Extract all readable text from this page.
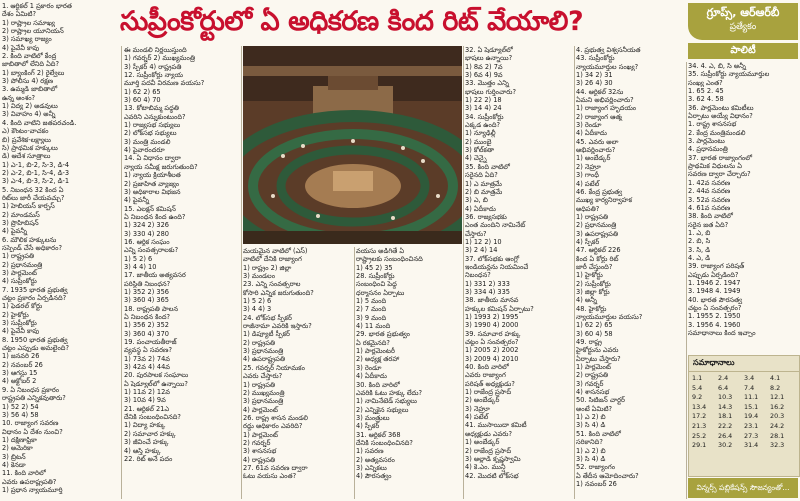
సుప్రీంకోర్టులో ఏ అధికరణ కింద రిట్ వేయాలి?	గ్రూప్స్, ఆర్ఆర్‌బీ
ప్రత్యేకం
పాలిటీ

1. ఆర్టికల్ 1 ప్రకారం భారత

దేశం ఏమిటి?

1) రాష్ట్రాల సమాఖ్య

2) రాష్ట్రాల యూనియన్

3) సమాఖ్య రాజ్యం

4) పైవేవీ కావు

2. కింది వాటిలో కేంద్ర

జాబితాలో లేనిది ఏది?

1) బ్యాంకింగ్ 2) రైల్వేలు

3) పోలీసు 4) రక్షణ

3. ఉమ్మడి జాబితాలో

ఉన్న అంశం?

1) విద్య 2) అడవులు

3) వివాహం 4) అన్నీ

4. కింది వాటిని జతపరచండి.

ఎ) కౌంటం-వాచకం

బి) ప్రవేశిక-లక్ష్యాలు

సి) ప్రాథమిక హక్కులు

డి) ఆదేశ సూత్రాలు

1) ఎ-1, బి-2, సి-3, డి-4

2) ఎ-2, బి-1, సి-4, డి-3

3) ఎ-4, బి-3, సి-2, డి-1

5. నిబంధన 32 కింద ఏ

రిట్‌లు జారీ చేయవచ్చు?

1) హెబియస్ కార్పస్

2) మాండమస్

3) ప్రొహిబిషన్

4) పైవన్నీ

6. మౌలిక హక్కులను

సస్పెండ్ చేసే అధికారం?

1) రాష్ట్రపతి

2) ప్రధానమంత్రి

3) పార్లమెంట్

4) సుప్రీంకోర్టు

7. 1935 భారత ప్రభుత్వ

చట్టం ప్రకారం ఏర్పడినది?

1) ఫెడరల్ కోర్టు

2) హైకోర్టు

3) సుప్రీంకోర్టు

4) పైవేవీ కావు

8. 1950 భారత ప్రభుత్వ

చట్టం ఎప్పుడు అమలైంది?

1) జనవరి 26

2) నవంబర్ 26

3) ఆగస్టు 15

4) అక్టోబర్ 2

9. ఏ నిబంధన ప్రకారం

రాష్ట్రపతి ఎన్నికవుతారు?

1) 52 2) 54

3) 56 4) 58

10. రాజ్యాంగ సవరణ

విధానం ఏ దేశం నుంచి?

1) దక్షిణాఫ్రికా

2) అమెరికా

3) బ్రిటన్

4) కెనడా

11. కింది వారిలో

ఎవరు ఉపరాష్ట్రపతి?

1) ప్రధాన న్యాయమూర్తి

ఈ మండలి నిర్ణయిస్తుంది

1) గవర్నర్ 2) ముఖ్యమంత్రి

3) స్పీకర్ 4) రాష్ట్రపతి

12. సుప్రీంకోర్టు న్యాయ

మూర్తి పదవీ విరమణ వయసు?

1) 62 2) 65

3) 60 4) 70

13. కోటాబిమ్మ పద్ధతి

ఎవరిని ఎన్నుకుంటుంది?

1) రాజ్యసభ సభ్యులు

2) లోక్‌సభ సభ్యులు

3) మంత్రి మండలి

4) పైవారందరూ

14. ఏ విధానం ద్వారా

న్యాయ సమీక్ష జరుగుతుంది?

1) న్యాయ క్రియాశీలత

2) ప్రజాహిత వ్యాజ్యం

3) అధికారాల విభజన

4) పైవన్నీ

15. ఎలక్షన్ కమిషన్

ఏ నిబంధన కింద ఉంది?

1) 324 2) 326

3) 330 4) 280

16. ఆర్థిక సంఘం

ఎన్ని సంవత్సరాలకు?

1) 5 2) 6

3) 4 4) 10

17. జాతీయ అత్యవసర

పరిస్థితి నిబంధన?

1) 352 2) 356

3) 360 4) 365

18. రాష్ట్రపతి పాలన

ఏ నిబంధన కింద?

1) 356 2) 352

3) 360 4) 370

19. పంచాయతీరాజ్

వ్యవస్థ ఏ సవరణ?

1) 73వ 2) 74వ

3) 42వ 4) 44వ

20. పురపాలక సంఘాలు

ఏ షెడ్యూల్‌లో ఉన్నాయి?

1) 11వ 2) 12వ

3) 10వ 4) 9వ

21. ఆర్టికల్ 21ఎ

దేనికి సంబంధించినది?

1) విద్యా హక్కు

2) సమాచార హక్కు

3) జీవించే హక్కు

4) ఆస్తి హక్కు

22. రిట్ అనే పదం

మయమైన వాటిలో (ఎస్‌)

వాటిలో దేనికి రాజ్యాంగ

1) రాష్ట్రం 2) జిల్లా

3) మండలం

23. ఎన్ని సంవత్సరాల

కోసారి ఎన్నిక జరుగుతుంది?

1) 5 2) 6

3) 4 4) 3

24. లోక్‌సభ స్పీకర్

రాజీనామా ఎవరికి ఇస్తారు?

1) డిప్యూటీ స్పీకర్

2) రాష్ట్రపతి

3) ప్రధానమంత్రి

4) ఉపరాష్ట్రపతి

25. గవర్నర్ నియామకం

ఎవరు చేస్తారు?

1) రాష్ట్రపతి

2) ముఖ్యమంత్రి

3) ప్రధానమంత్రి

4) పార్లమెంట్

26. రాష్ట్ర శాసన మండలి

రద్దు అధికారం ఎవరిది?

1) పార్లమెంట్

2) గవర్నర్

3) శాసనసభ

4) రాష్ట్రపతి

27. 61వ సవరణ ద్వారా

ఓటు వయసు ఎంత?

వయసు అడిగితే ఏ

రాష్ట్రాలకు సంబంధించినది

1) 45 2) 35

28. సుప్రీంకోర్టు

సంబంధించి పెద్ద

ధర్మాసనం ఏర్పాటు

1) 5 మంది

2) 7 మంది

3) 9 మంది

4) 11 మంది

29. భారత ప్రభుత్వం

ఏ రకమైనది?

1) పార్లమెంటరీ

2) అధ్యక్ష తరహా

3) రెండూ

4) ఏదీకాదు

30. కింది వారిలో

ఎవరికి ఓటు హక్కు లేదు?

1) నామినేటెడ్ సభ్యులు

2) ఎన్నికైన సభ్యులు

3) మంత్రులు

4) స్పీకర్

31. ఆర్టికల్ 368

దేనికి సంబంధించినది?

1) సవరణ

2) అత్యవసరం

3) ఎన్నికలు

4) పౌరసత్వం

32. ఏ షెడ్యూల్‌లో

భాషలు ఉన్నాయి?

1) 8వ 2) 7వ

3) 6వ 4) 9వ

33. మొత్తం ఎన్ని

భాషలు గుర్తించారు?

1) 22 2) 18

3) 14 4) 24

34. సుప్రీంకోర్టు

ఎక్కడ ఉంది?

1) న్యూఢిల్లీ

2) ముంబై

3) కోల్‌కతా

4) చెన్నై

35. కింది వాటిలో

సరైనది ఏది?

1) ఎ మాత్రమే

2) బి మాత్రమే

3) ఎ, బి

4) ఏదీకాదు

36. రాజ్యసభకు

ఎంత మందిని నామినేట్

చేస్తారు?

1) 12 2) 10

3) 2 4) 14

37. లోక్‌సభకు ఆంగ్లో

ఇండియన్లను నియమించే

నిబంధన?

1) 331 2) 333

3) 334 4) 335

38. జాతీయ మానవ

హక్కుల కమిషన్ ఏర్పాటు?

1) 1993 2) 1995

3) 1990 4) 2000

39. సమాచార హక్కు

చట్టం ఏ సంవత్సరం?

1) 2005 2) 2002

3) 2009 4) 2010

40. కింది వారిలో

ఎవరు రాజ్యాంగ

పరిషత్ అధ్యక్షుడు?

1) రాజేంద్ర ప్రసాద్

2) అంబేడ్కర్

3) నెహ్రూ

4) పటేల్

41. ముసాయిదా కమిటీ

అధ్యక్షుడు ఎవరు?

1) అంబేడ్కర్

2) రాజేంద్ర ప్రసాద్

3) అల్లాడి కృష్ణస్వామి

4) కె.ఎం. మున్షీ

42. మొదటి లోక్‌సభ

4. ప్రభుత్వ విశ్వసనీయత

43. సుప్రీంకోర్టు

న్యాయమూర్తుల సంఖ్య?

1) 34 2) 31

3) 26 4) 30

44. ఆర్టికల్ 32ను

ఏమని అభివర్ణించారు?

1) రాజ్యాంగ హృదయం

2) రాజ్యాంగ ఆత్మ

3) రెండూ

4) ఏదీకాదు

45. ఎవరు అలా

అభివర్ణించారు?

1) అంబేడ్కర్

2) నెహ్రూ

3) గాంధీ

4) పటేల్

46. కేంద్ర ప్రభుత్వ

ముఖ్య కార్యనిర్వాహక

అధిపతి?

1) రాష్ట్రపతి

2) ప్రధానమంత్రి

3) ఉపరాష్ట్రపతి

4) స్పీకర్

47. ఆర్టికల్ 226

కింద ఏ కోర్టు రిట్

జారీ చేస్తుంది?

1) హైకోర్టు

2) సుప్రీంకోర్టు

3) జిల్లా కోర్టు

4) అన్నీ

48. హైకోర్టు

న్యాయమూర్తుల వయసు?

1) 62 2) 65

3) 60 4) 58

49. రాష్ట్ర

హైకోర్టును ఎవరు

ఏర్పాటు చేస్తారు?

1) పార్లమెంట్

2) రాష్ట్రపతి

3) గవర్నర్

4) శాసనసభ

50. సిటిజన్ చార్టర్

అంటే ఏమిటి?

1) ఎ 2) బి

3) సి 4) డి

51. కింది వాటిలో

సరికానిది?

1) ఎ 2) బి

3) సి 4) డి

52. రాజ్యాంగం

ఏ తేదీన ఆమోదించారు?

1) నవంబర్ 26

34. 4. ఎ, బి, సి అన్నీ

35. సుప్రీంకోర్టు న్యాయమూర్తుల

సంఖ్య ఎంత?

1. 65 2. 45

3. 62 4. 58

36. పార్లమెంటు కమిటీలు

ఏర్పాటు అయ్యే విధానం?

1. రాష్ట్ర శాసనసభ

2. కేంద్ర మంత్రిమండలి

3. పార్లమెంటు

4. ప్రధానమంత్రి

37. భారత రాజ్యాంగంలో

ప్రాథమిక విధులను ఏ

సవరణ ద్వారా చేర్చారు?

1. 42వ సవరణ

2. 44వ సవరణ

3. 52వ సవరణ

4. 61వ సవరణ

38. కింది వాటిలో

సరైన జత ఏది?

1. ఎ, బి

2. బి, సి

3. సి, డి

4. ఎ, డి

39. రాజ్యాంగ పరిషత్

ఎప్పుడు ఏర్పడింది?

1. 1946 2. 1947

3. 1948 4. 1949

40. భారత పౌరసత్వ

చట్టం ఏ సంవత్సరం?

1. 1955 2. 1950

3. 1956 4. 1960

సమాధానాలు కింద ఇచ్చాం

సమాధానాలు
1.1	2.4	3.4	4.1
5.4	6.4	7.4	8.2
9.2	10.3	11.1	12.1
13.4	14.3	15.1	16.2
17.2	18.1	19.4	20.3
21.3	22.2	23.1	24.2
25.2	26.4	27.3	28.1
29.1	30.2	31.4	32.3
విన్నర్స్ పబ్లికేషన్స్ సౌజన్యంతో...
